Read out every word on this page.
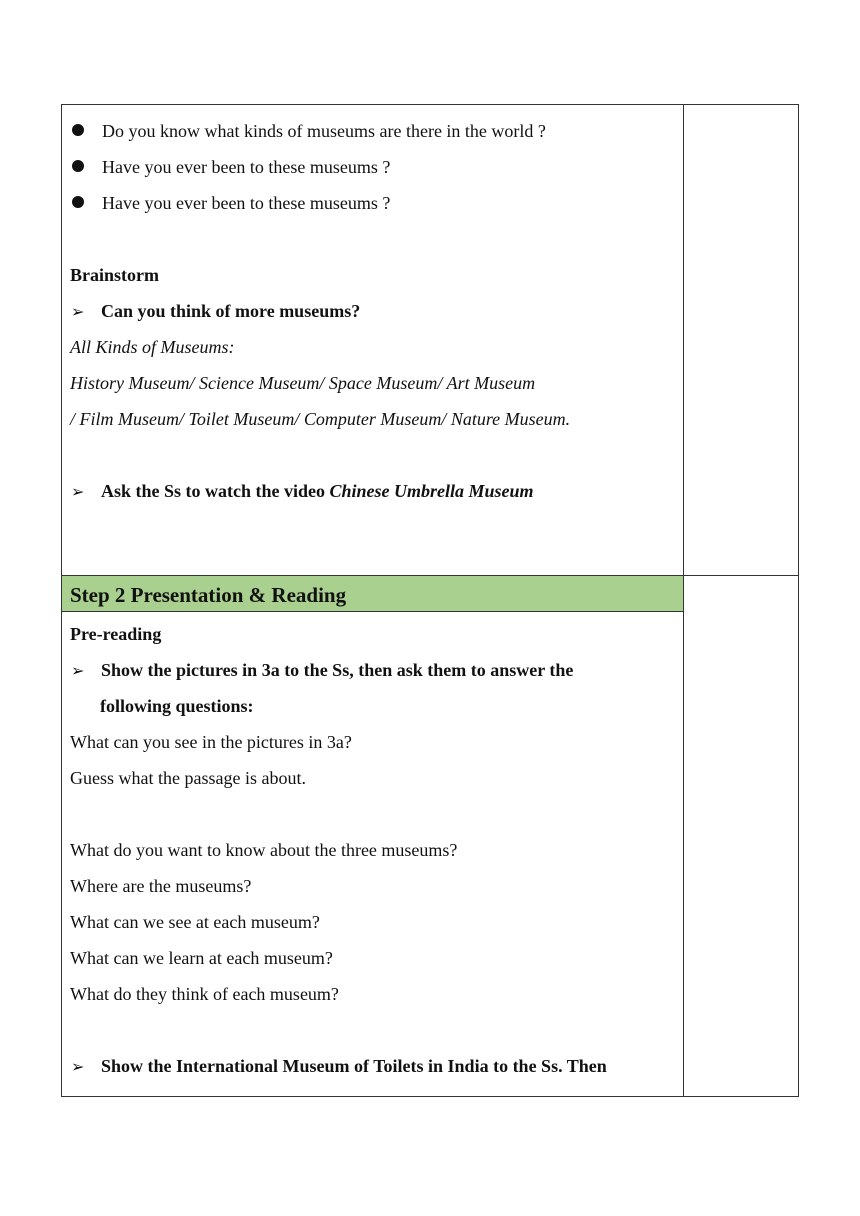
Do you know what kinds of museums are there in the world ?
Have you ever been to these museums ?
Have you ever been to these museums ?
Brainstorm
➢ Can you think of more museums?
All Kinds of Museums:
History Museum/ Science Museum/ Space Museum/ Art Museum
/ Film Museum/ Toilet Museum/ Computer Museum/ Nature Museum.
➢ Ask the Ss to watch the video Chinese Umbrella Museum
Step 2 Presentation & Reading
Pre-reading
➢ Show the pictures in 3a to the Ss, then ask them to answer the
following questions:
What can you see in the pictures in 3a?
Guess what the passage is about.
What do you want to know about the three museums?
Where are the museums?
What can we see at each museum?
What can we learn at each museum?
What do they think of each museum?
➢ Show the International Museum of Toilets in India to the Ss. Then
